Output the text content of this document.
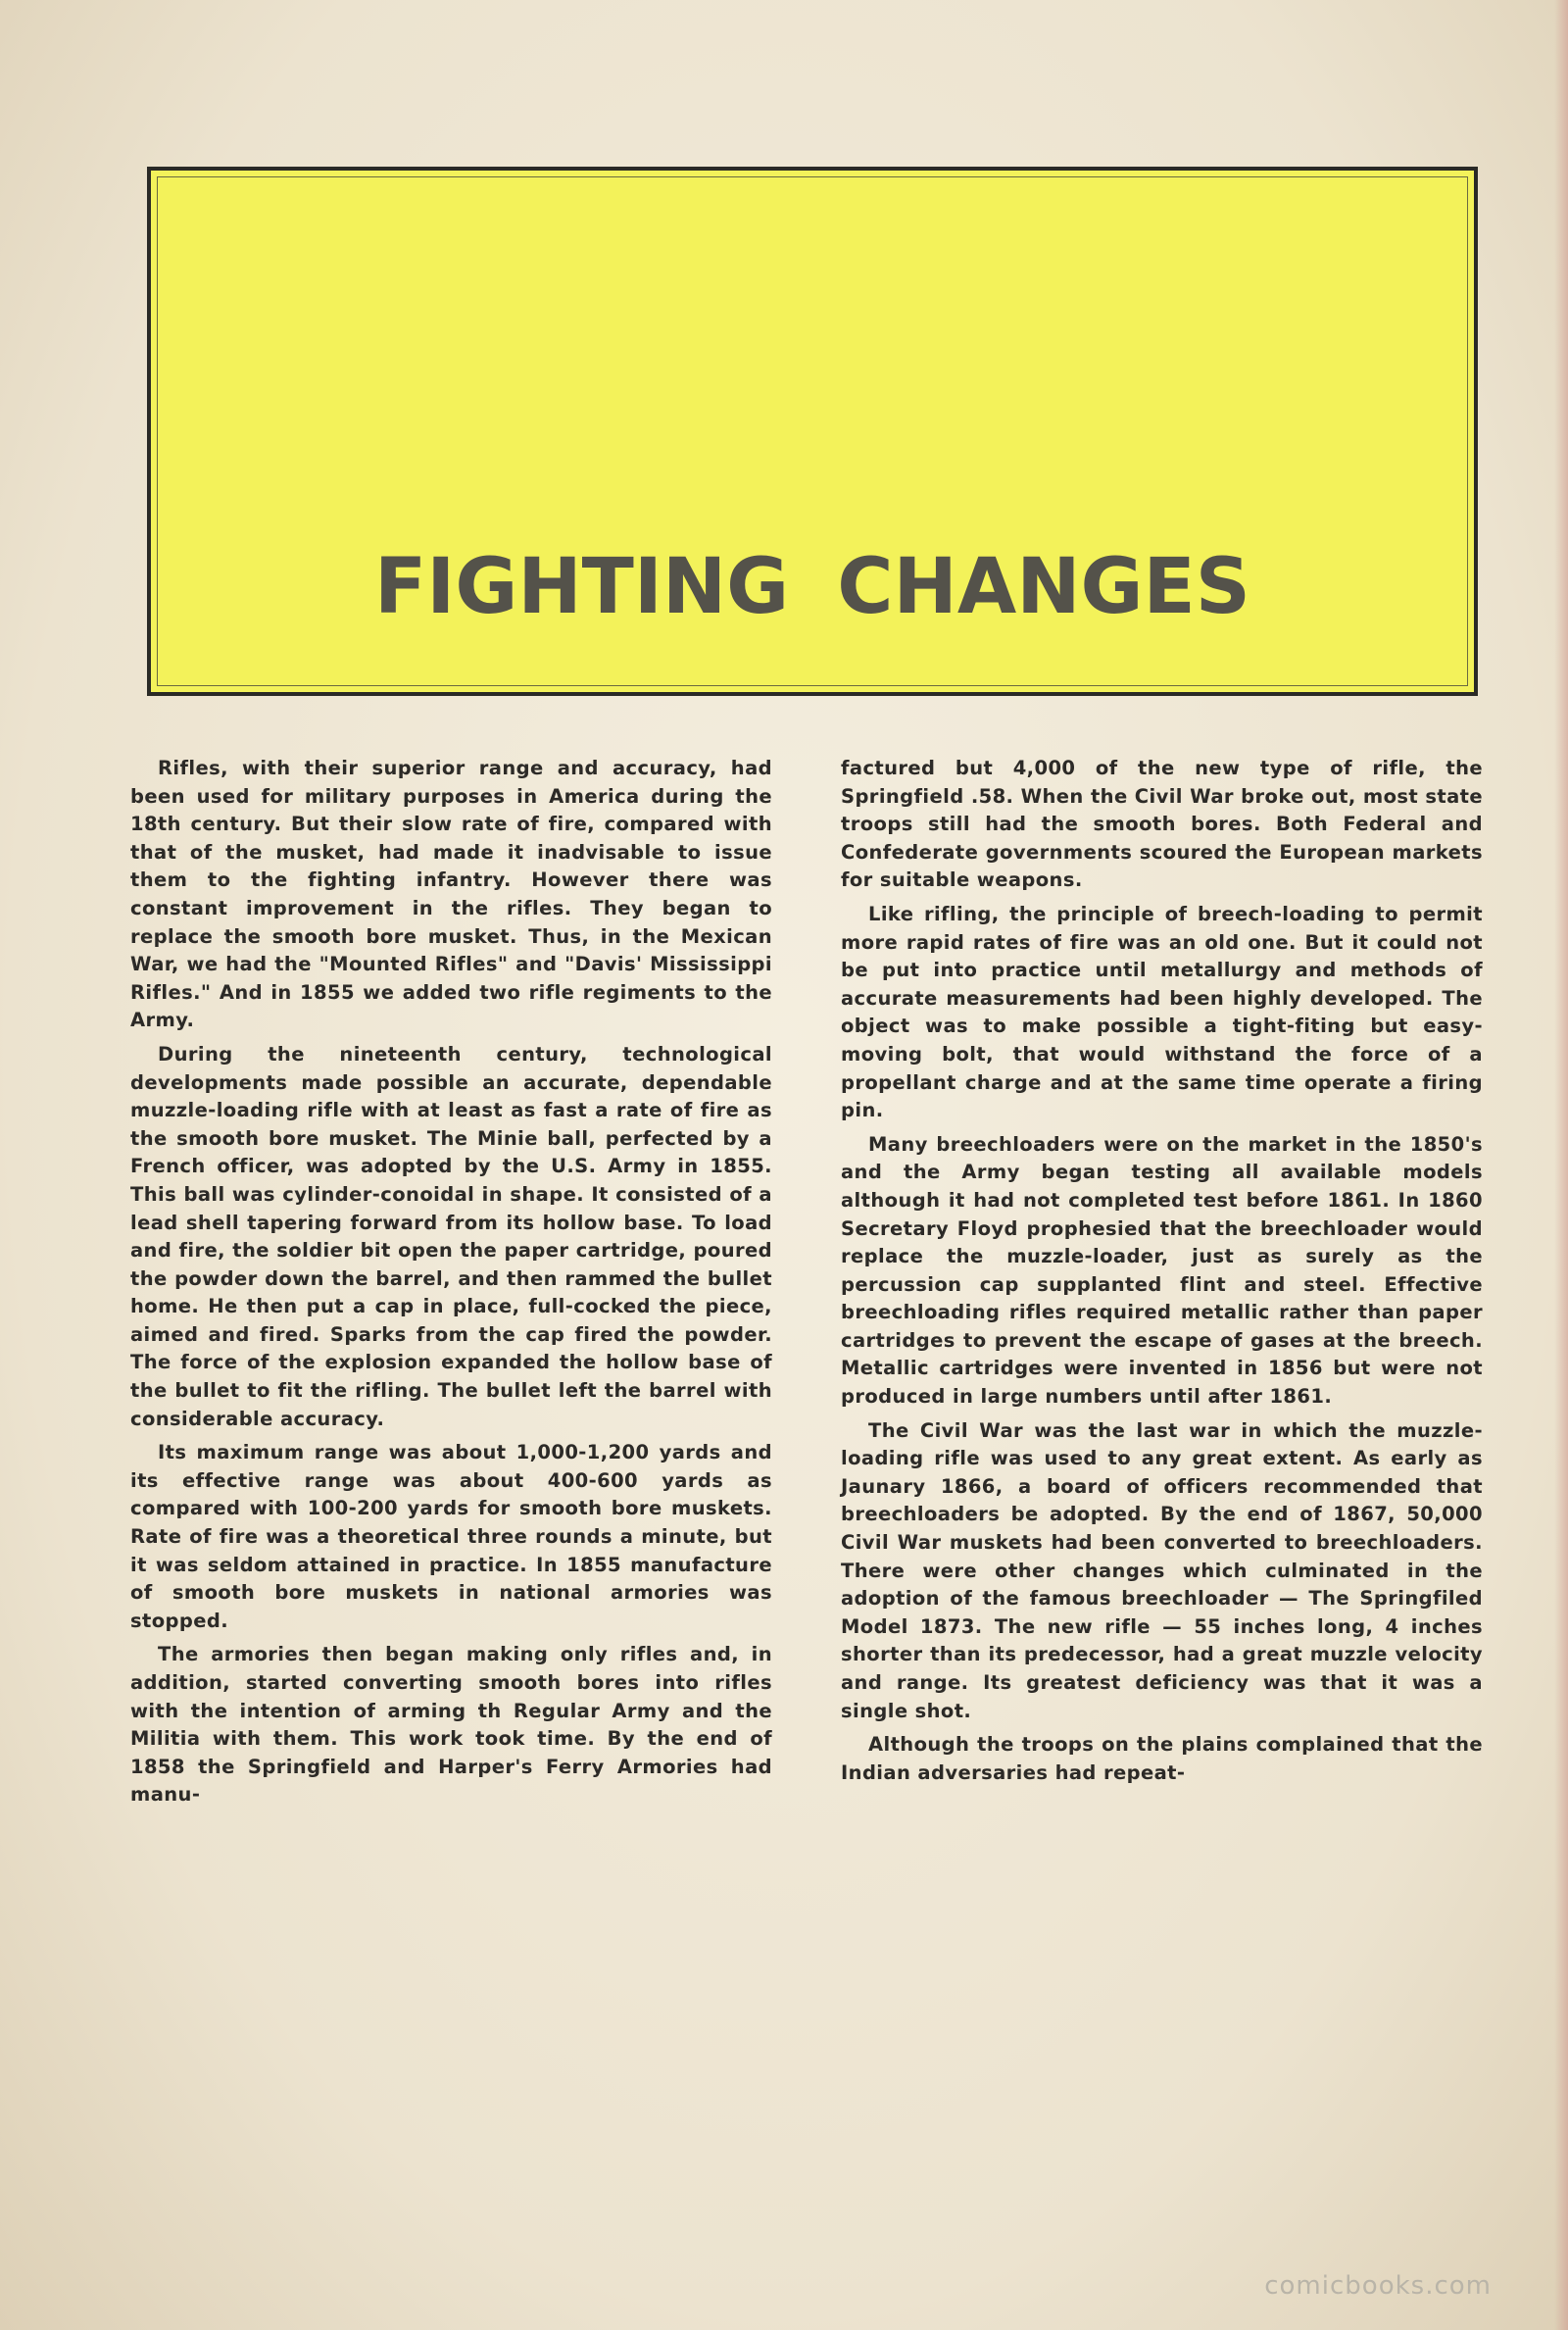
FIGHTING CHANGES

Rifles, with their superior range and accuracy, had been used for military purposes in America during the 18th century. But their slow rate of fire, compared with that of the musket, had made it inadvisable to issue them to the fighting infantry. However there was constant improvement in the rifles. They began to replace the smooth bore musket. Thus, in the Mexican War, we had the "Mounted Rifles" and "Davis' Mississippi Rifles." And in 1855 we added two rifle regiments to the Army.

During the nineteenth century, technological developments made possible an accurate, dependable muzzle-loading rifle with at least as fast a rate of fire as the smooth bore musket. The Minie ball, perfected by a French officer, was adopted by the U.S. Army in 1855. This ball was cylinder-conoidal in shape. It consisted of a lead shell tapering forward from its hollow base. To load and fire, the soldier bit open the paper cartridge, poured the powder down the barrel, and then rammed the bullet home. He then put a cap in place, full-cocked the piece, aimed and fired. Sparks from the cap fired the powder. The force of the explosion expanded the hollow base of the bullet to fit the rifling. The bullet left the barrel with considerable accuracy.

Its maximum range was about 1,000-1,200 yards and its effective range was about 400-600 yards as compared with 100-200 yards for smooth bore muskets. Rate of fire was a theoretical three rounds a minute, but it was seldom attained in practice. In 1855 manufacture of smooth bore muskets in national armories was stopped.

The armories then began making only rifles and, in addition, started converting smooth bores into rifles with the intention of arming th Regular Army and the Militia with them. This work took time. By the end of 1858 the Springfield and Harper's Ferry Armories had manu-

factured but 4,000 of the new type of rifle, the Springfield .58. When the Civil War broke out, most state troops still had the smooth bores. Both Federal and Confederate governments scoured the European markets for suitable weapons.

Like rifling, the principle of breech-loading to permit more rapid rates of fire was an old one. But it could not be put into practice until metallurgy and methods of accurate measurements had been highly developed. The object was to make possible a tight-fiting but easy-moving bolt, that would withstand the force of a propellant charge and at the same time operate a firing pin.

Many breechloaders were on the market in the 1850's and the Army began testing all available models although it had not completed test before 1861. In 1860 Secretary Floyd prophesied that the breechloader would replace the muzzle-loader, just as surely as the percussion cap supplanted flint and steel. Effective breechloading rifles required metallic rather than paper cartridges to prevent the escape of gases at the breech. Metallic cartridges were invented in 1856 but were not produced in large numbers until after 1861.

The Civil War was the last war in which the muzzle-loading rifle was used to any great extent. As early as Jaunary 1866, a board of officers recommended that breechloaders be adopted. By the end of 1867, 50,000 Civil War muskets had been converted to breechloaders. There were other changes which culminated in the adoption of the famous breechloader — The Springfiled Model 1873. The new rifle — 55 inches long, 4 inches shorter than its predecessor, had a great muzzle velocity and range. Its greatest deficiency was that it was a single shot.

Although the troops on the plains complained that the Indian adversaries had repeat-

comicbooks.com
